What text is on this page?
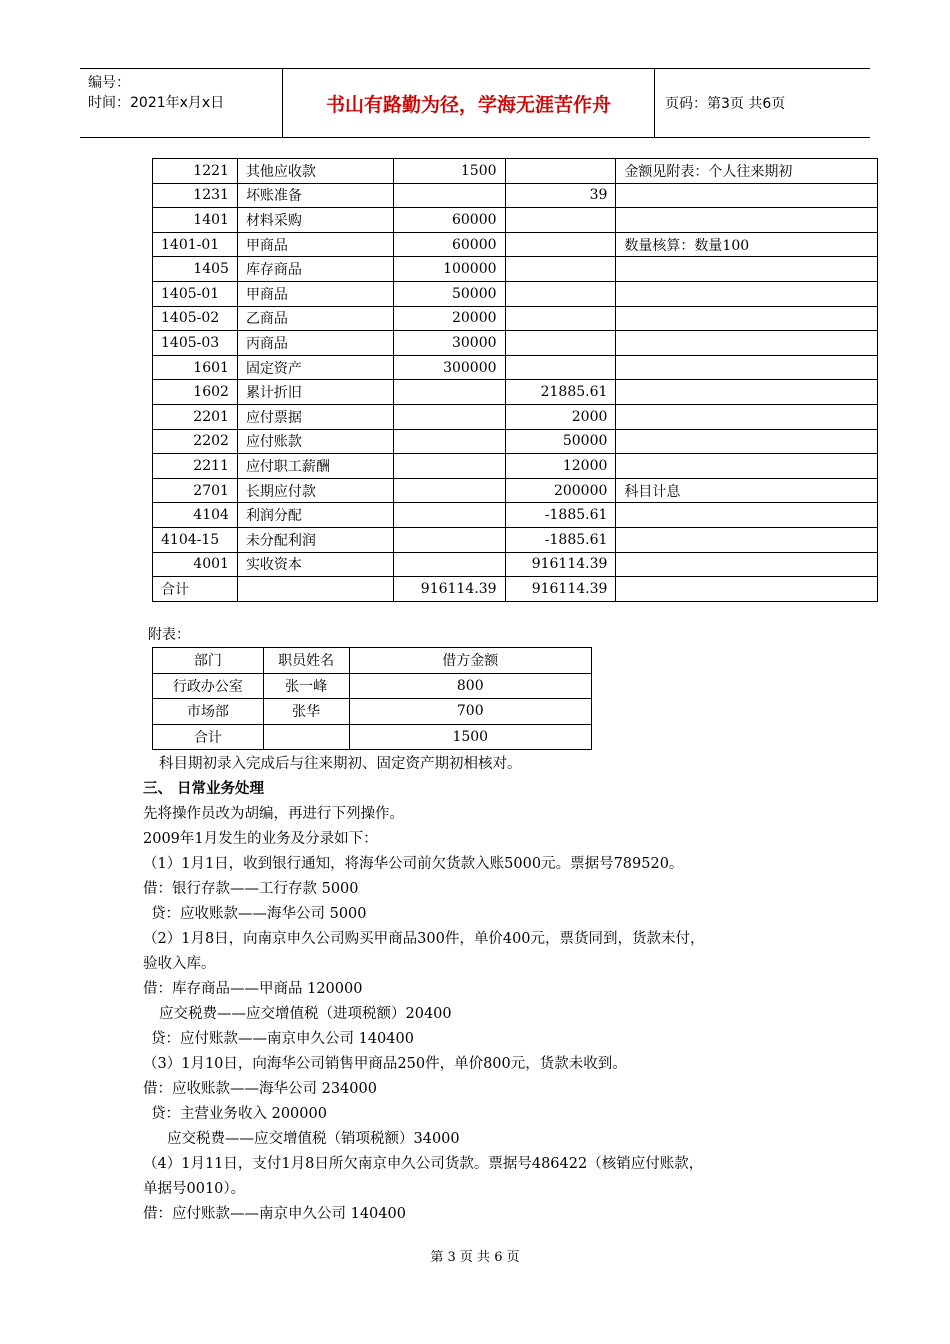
编号：
时间：2021年x月x日	书山有路勤为径，学海无涯苦作舟	页码：第3页 共6页
1221	其他应收款	1500		金额见附表：个人往来期初
1231	坏账准备		39	
1401	材料采购	60000		
1401-01	甲商品	60000		数量核算：数量100
1405	库存商品	100000		
1405-01	甲商品	50000		
1405-02	乙商品	20000		
1405-03	丙商品	30000		
1601	固定资产	300000		
1602	累计折旧		21885.61	
2201	应付票据		2000	
2202	应付账款		50000	
2211	应付职工薪酬		12000	
2701	长期应付款		200000	科目计息
4104	利润分配		-1885.61	
4104-15	未分配利润		-1885.61	
4001	实收资本		916114.39	
合计		916114.39	916114.39	
附表：
部门	职员姓名	借方金额
行政办公室	张一峰	800
市场部	张华	700
合计		1500

科目期初录入完成后与往来期初、固定资产期初相核对。

三、 日常业务处理

先将操作员改为胡编，再进行下列操作。

2009年1月发生的业务及分录如下：

（1）1月1日，收到银行通知，将海华公司前欠货款入账5000元。票据号789520。

借：银行存款——工行存款 5000

贷：应收账款——海华公司 5000

（2）1月8日，向南京申久公司购买甲商品300件，单价400元，票货同到，货款未付，

验收入库。

借：库存商品——甲商品 120000

应交税费——应交增值税（进项税额）20400

贷：应付账款——南京申久公司 140400

（3）1月10日，向海华公司销售甲商品250件，单价800元，货款未收到。

借：应收账款——海华公司 234000

贷：主营业务收入 200000

应交税费——应交增值税（销项税额）34000

（4）1月11日，支付1月8日所欠南京申久公司货款。票据号486422（核销应付账款，

单据号0010）。

借：应付账款——南京申久公司 140400

第 3 页 共 6 页
